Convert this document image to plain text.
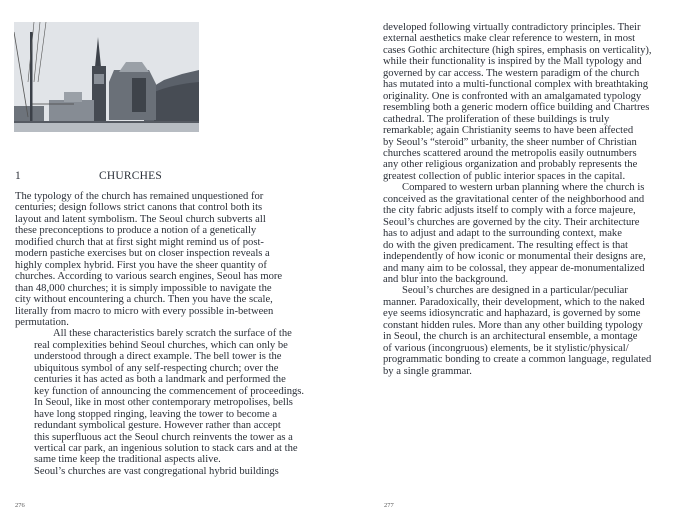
1	CHURCHES

The typology of the church has remained unquestioned for
centuries; design follows strict canons that control both its
layout and latent symbolism. The Seoul church subverts all
these preconceptions to produce a notion of a genetically
modified church that at first sight might remind us of post-
modern pastiche exercises but on closer inspection reveals a
highly complex hybrid. First you have the sheer quantity of
churches. According to various search engines, Seoul has more
than 48,000 churches; it is simply impossible to navigate the
city without encountering a church. Then you have the scale,
literally from macro to micro with every possible in-between
permutation.

All these characteristics barely scratch the surface of the
real complexities behind Seoul churches, which can only be
understood through a direct example. The bell tower is the
ubiquitous symbol of any self-respecting church; over the
centuries it has acted as both a landmark and performed the
key function of announcing the commencement of proceedings.
In Seoul, like in most other contemporary metropolises, bells
have long stopped ringing, leaving the tower to become a
redundant symbolical gesture. However rather than accept
this superfluous act the Seoul church reinvents the tower as a
vertical car park, an ingenious solution to stack cars and at the
same time keep the traditional aspects alive.

Seoul’s churches are vast congregational hybrid buildings

276

developed following virtually contradictory principles. Their
external aesthetics make clear reference to western, in most
cases Gothic architecture (high spires, emphasis on verticality),
while their functionality is inspired by the Mall typology and
governed by car access. The western paradigm of the church
has mutated into a multi-functional complex with breathtaking
originality. One is confronted with an amalgamated typology
resembling both a generic modern office building and Chartres
cathedral. The proliferation of these buildings is truly
remarkable; again Christianity seems to have been affected
by Seoul’s “steroid” urbanity, the sheer number of Christian
churches scattered around the metropolis easily outnumbers
any other religious organization and probably represents the
greatest collection of public interior spaces in the capital.

Compared to western urban planning where the church is
conceived as the gravitational center of the neighborhood and
the city fabric adjusts itself to comply with a force majeure,
Seoul’s churches are governed by the city. Their architecture
has to adjust and adapt to the surrounding context, make
do with the given predicament. The resulting effect is that
independently of how iconic or monumental their designs are,
and many aim to be colossal, they appear de-monumentalized
and blur into the background.

Seoul’s churches are designed in a particular/peculiar
manner. Paradoxically, their development, which to the naked
eye seems idiosyncratic and haphazard, is governed by some
constant hidden rules. More than any other building typology
in Seoul, the church is an architectural ensemble, a montage
of various (incongruous) elements, be it stylistic/physical/
programmatic bonding to create a common language, regulated
by a single grammar.

277
